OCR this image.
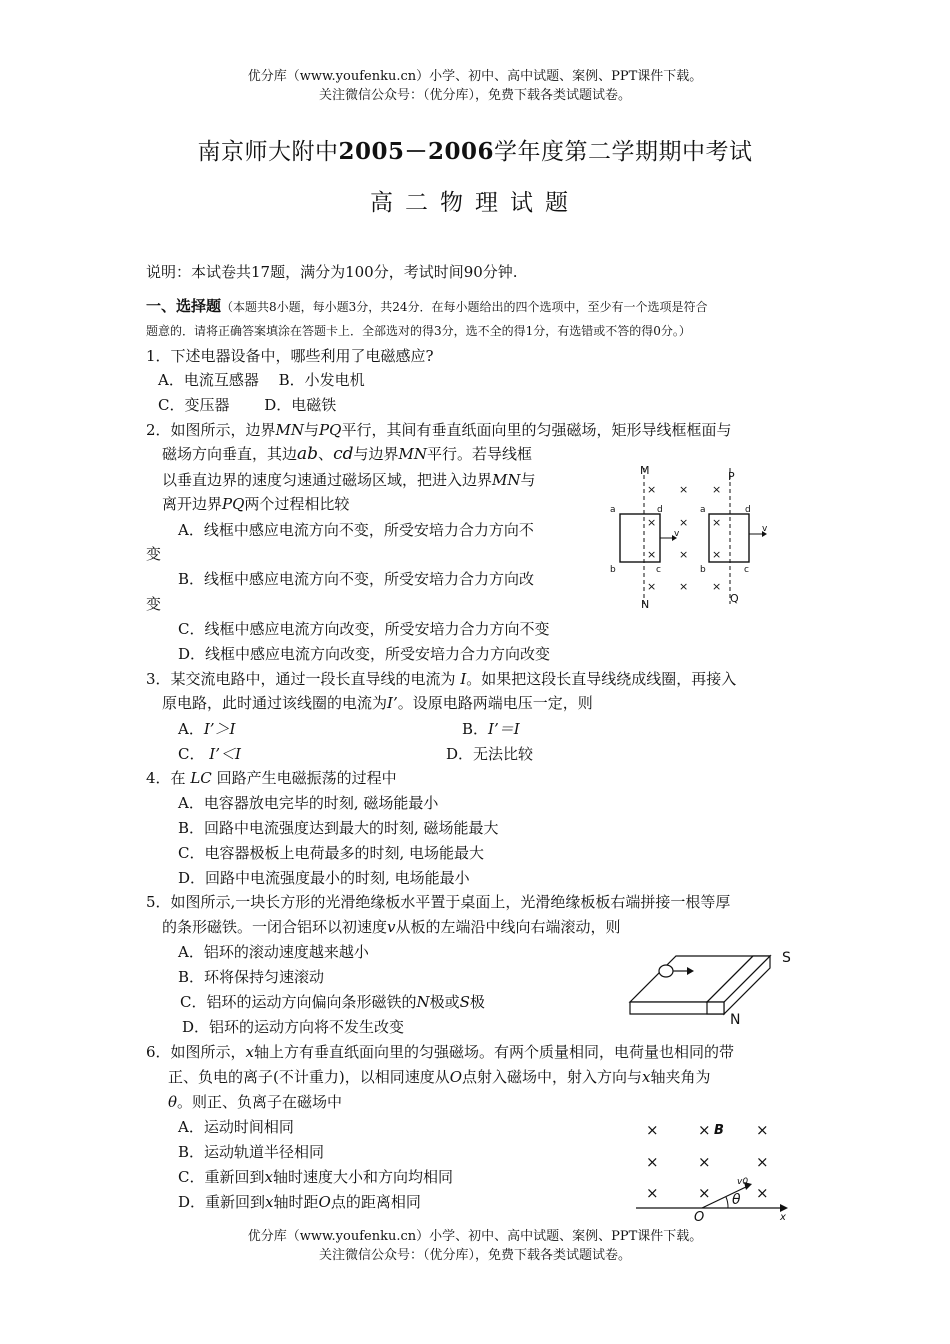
优分库（www.youfenku.cn）小学、初中、高中试题、案例、PPT课件下载。
关注微信公众号：（优分库），免费下载各类试题试卷。
南京师大附中2005－2006学年度第二学期期中考试
高二物理试题
说明：本试卷共17题，满分为100分，考试时间90分钟.
一、选择题（本题共8小题，每小题3分，共24分．在每小题给出的四个选项中，至少有一个选项是符合
题意的．请将正确答案填涂在答题卡上．全部选对的得3分，选不全的得1分，有选错或不答的得0分。）
1．下述电器设备中，哪些利用了电磁感应?
A．电流互感器　 B．小发电机
C．变压器　　 D．电磁铁
2．如图所示，边界MN与PQ平行，其间有垂直纸面向里的匀强磁场，矩形导线框框面与
磁场方向垂直，其边ab、cd与边界MN平行。若导线框
以垂直边界的速度匀速通过磁场区域，把进入边界MN与
离开边界PQ两个过程相比较
A．线框中感应电流方向不变，所受安培力合力方向不
变
B．线框中感应电流方向不变，所受安培力合力方向改
变
C．线框中感应电流方向改变，所受安培力合力方向不变
D．线框中感应电流方向改变，所受安培力合力方向改变
M
N
P
Q
a
b	c
d	a
b	c
d
v	v
× × ×
× × ×
× × ×
× × ×
3．某交流电路中，通过一段长直导线的电流为 I。如果把这段长直导线绕成线圈，再接入
原电路，此时通过该线圈的电流为I’。设原电路两端电压一定，则
A．I’＞I	B．I’＝I
C． I’＜I	D．无法比较
4．在 LC 回路产生电磁振荡的过程中
A．电容器放电完毕的时刻, 磁场能最小
B．回路中电流强度达到最大的时刻, 磁场能最大
C．电容器极板上电荷最多的时刻, 电场能最大
D．回路中电流强度最小的时刻, 电场能最小
5．如图所示,一块长方形的光滑绝缘板水平置于桌面上，光滑绝缘板板右端拼接一根等厚
的条形磁铁。一闭合铝环以初速度v从板的左端沿中线向右端滚动，则
A．铝环的滚动速度越来越小
B．环将保持匀速滚动
C．铝环的运动方向偏向条形磁铁的N极或S极
D．铝环的运动方向将不发生改变
S
N
6．如图所示，x轴上方有垂直纸面向里的匀强磁场。有两个质量相同，电荷量也相同的带
正、负电的离子(不计重力)，以相同速度从O点射入磁场中，射入方向与x轴夹角为
θ。则正、负离子在磁场中
A．运动时间相同
B．运动轨道半径相同
C．重新回到x轴时速度大小和方向均相同
D．重新回到x轴时距O点的距离相同
×	×	×
×	×	×
×	×	×
B
x
v0
θ
O
优分库（www.youfenku.cn）小学、初中、高中试题、案例、PPT课件下载。
关注微信公众号：（优分库），免费下载各类试题试卷。
